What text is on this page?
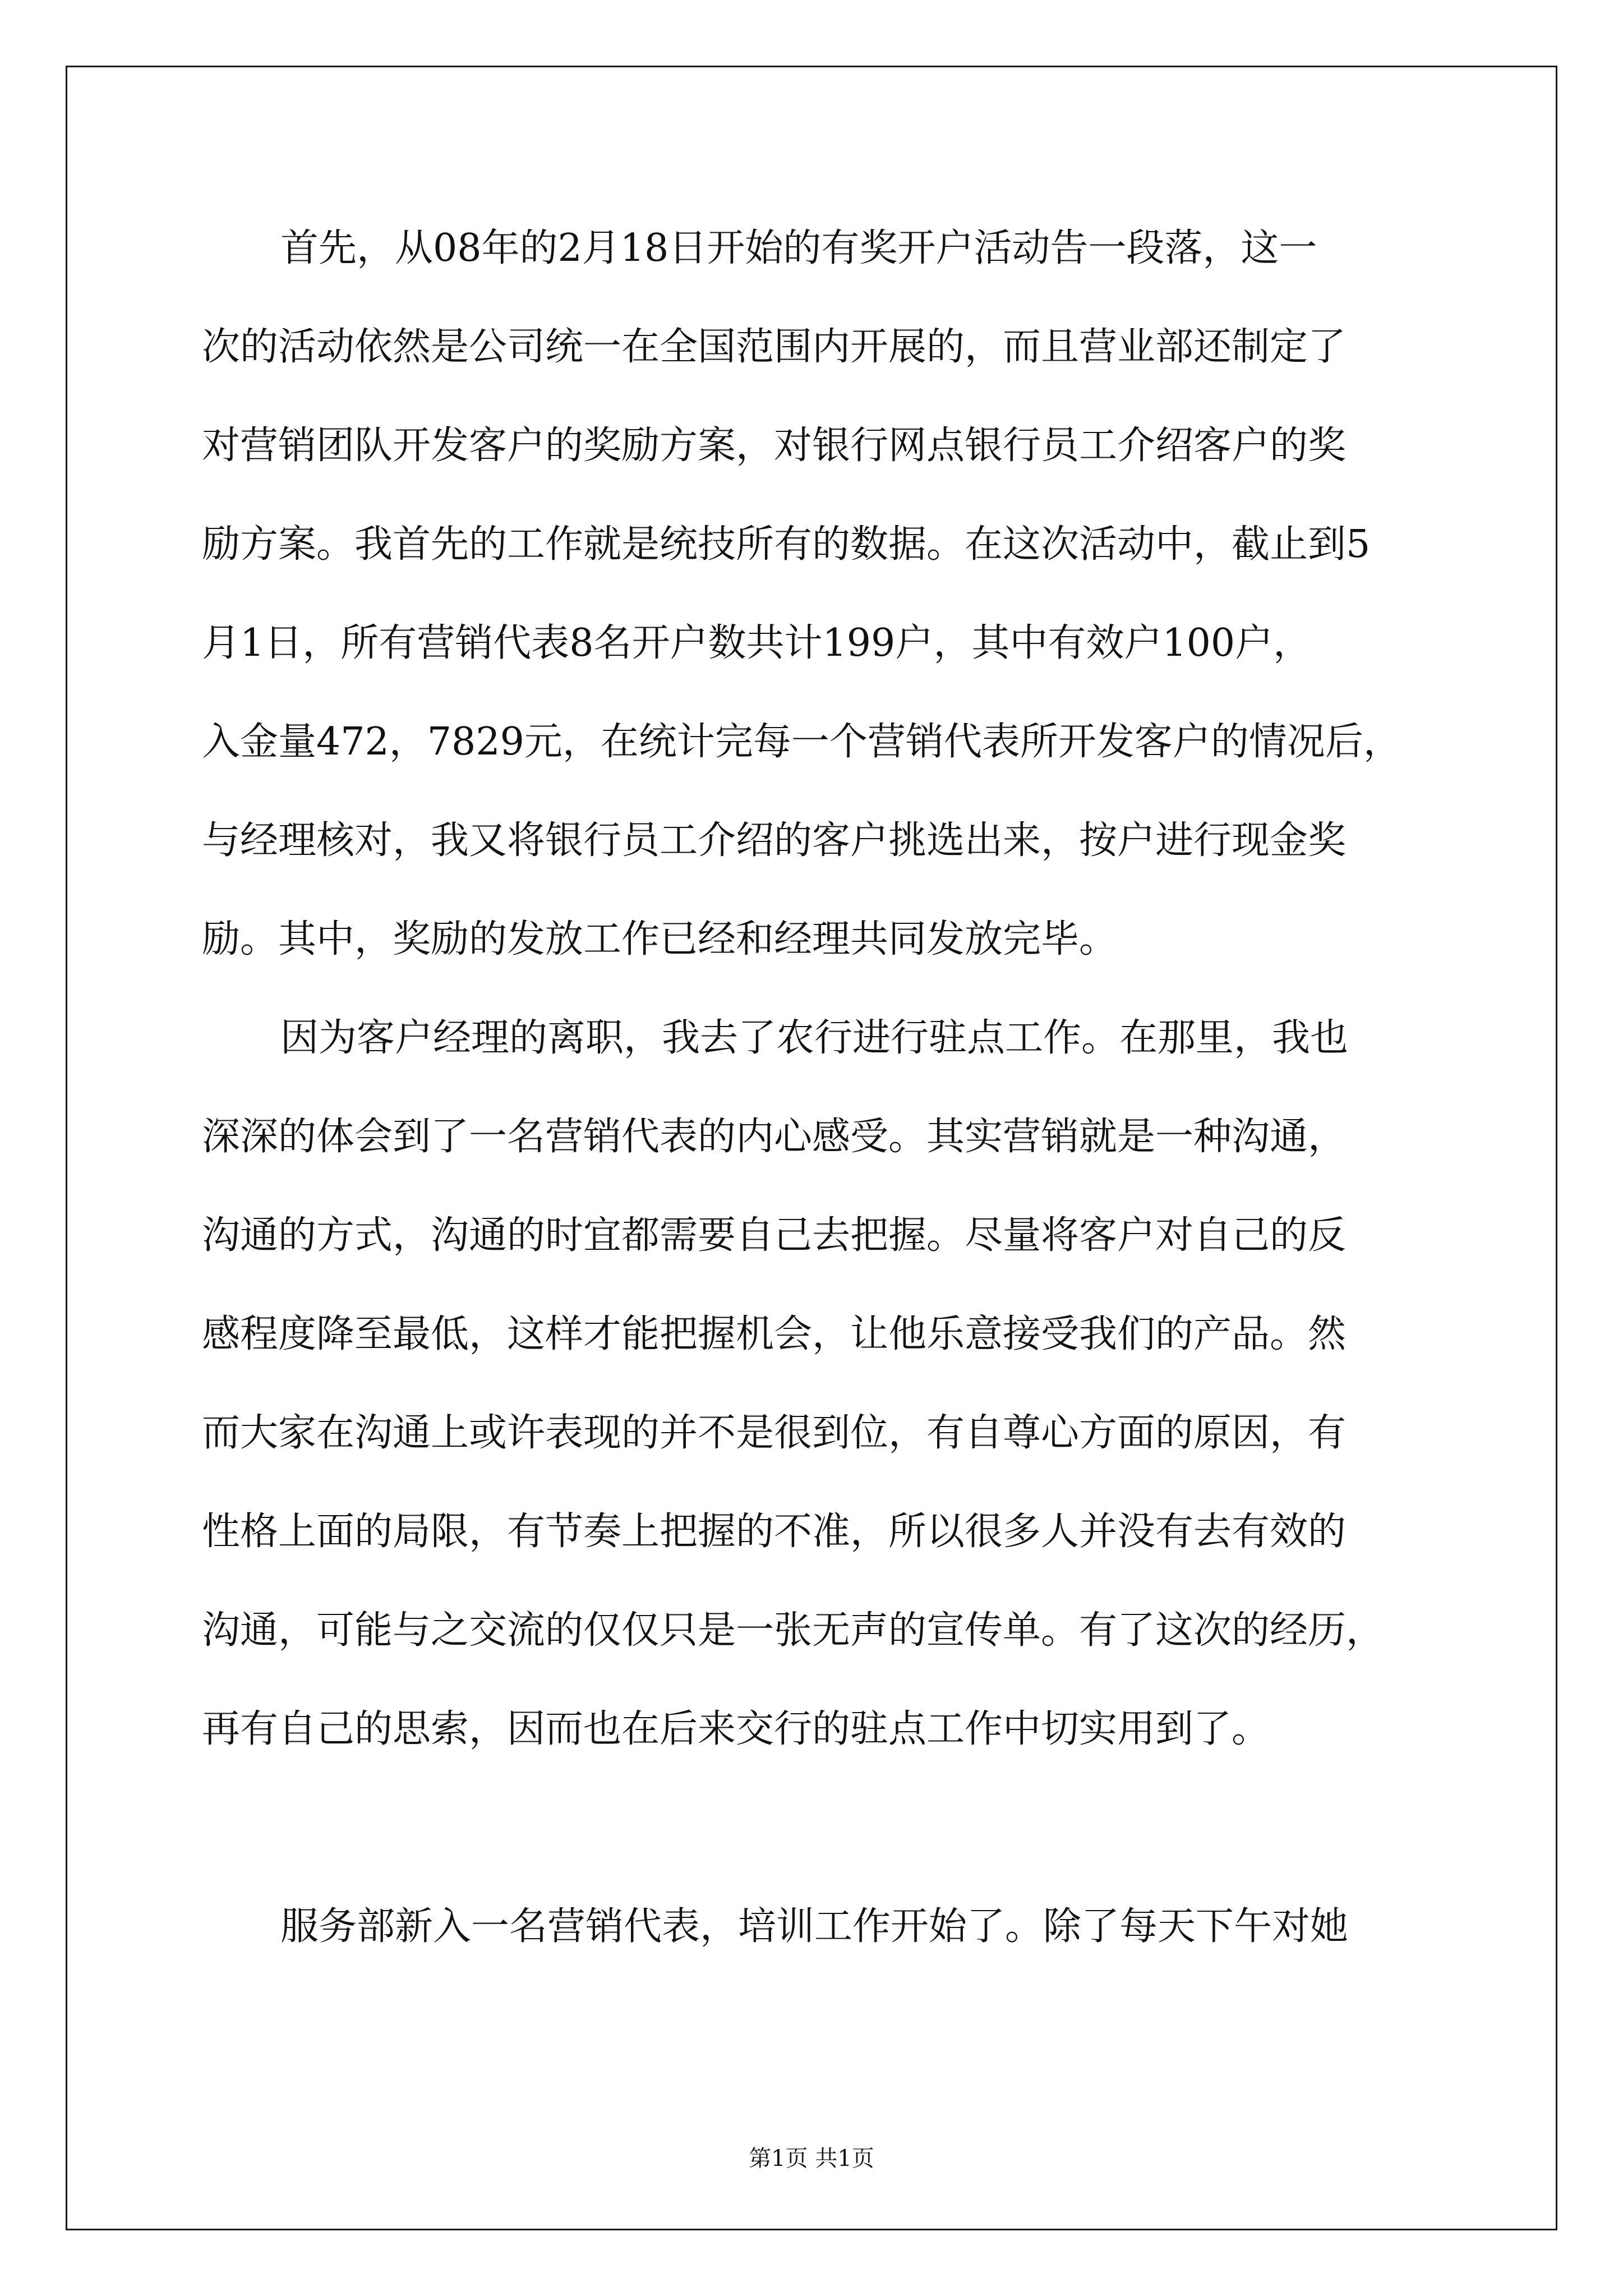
首先，从08年的2月18日开始的有奖开户活动告一段落，这一
次的活动依然是公司统一在全国范围内开展的，而且营业部还制定了
对营销团队开发客户的奖励方案，对银行网点银行员工介绍客户的奖
励方案。我首先的工作就是统技所有的数据。在这次活动中，截止到5
月1日，所有营销代表8名开户数共计199户，其中有效户100户，
入金量472，7829元，在统计完每一个营销代表所开发客户的情况后，
与经理核对，我又将银行员工介绍的客户挑选出来，按户进行现金奖
励。其中，奖励的发放工作已经和经理共同发放完毕。
因为客户经理的离职，我去了农行进行驻点工作。在那里，我也
深深的体会到了一名营销代表的内心感受。其实营销就是一种沟通，
沟通的方式，沟通的时宜都需要自己去把握。尽量将客户对自己的反
感程度降至最低，这样才能把握机会，让他乐意接受我们的产品。然
而大家在沟通上或许表现的并不是很到位，有自尊心方面的原因，有
性格上面的局限，有节奏上把握的不准，所以很多人并没有去有效的
沟通，可能与之交流的仅仅只是一张无声的宣传单。有了这次的经历，
再有自己的思索，因而也在后来交行的驻点工作中切实用到了。
服务部新入一名营销代表，培训工作开始了。除了每天下午对她
第1页 共1页
